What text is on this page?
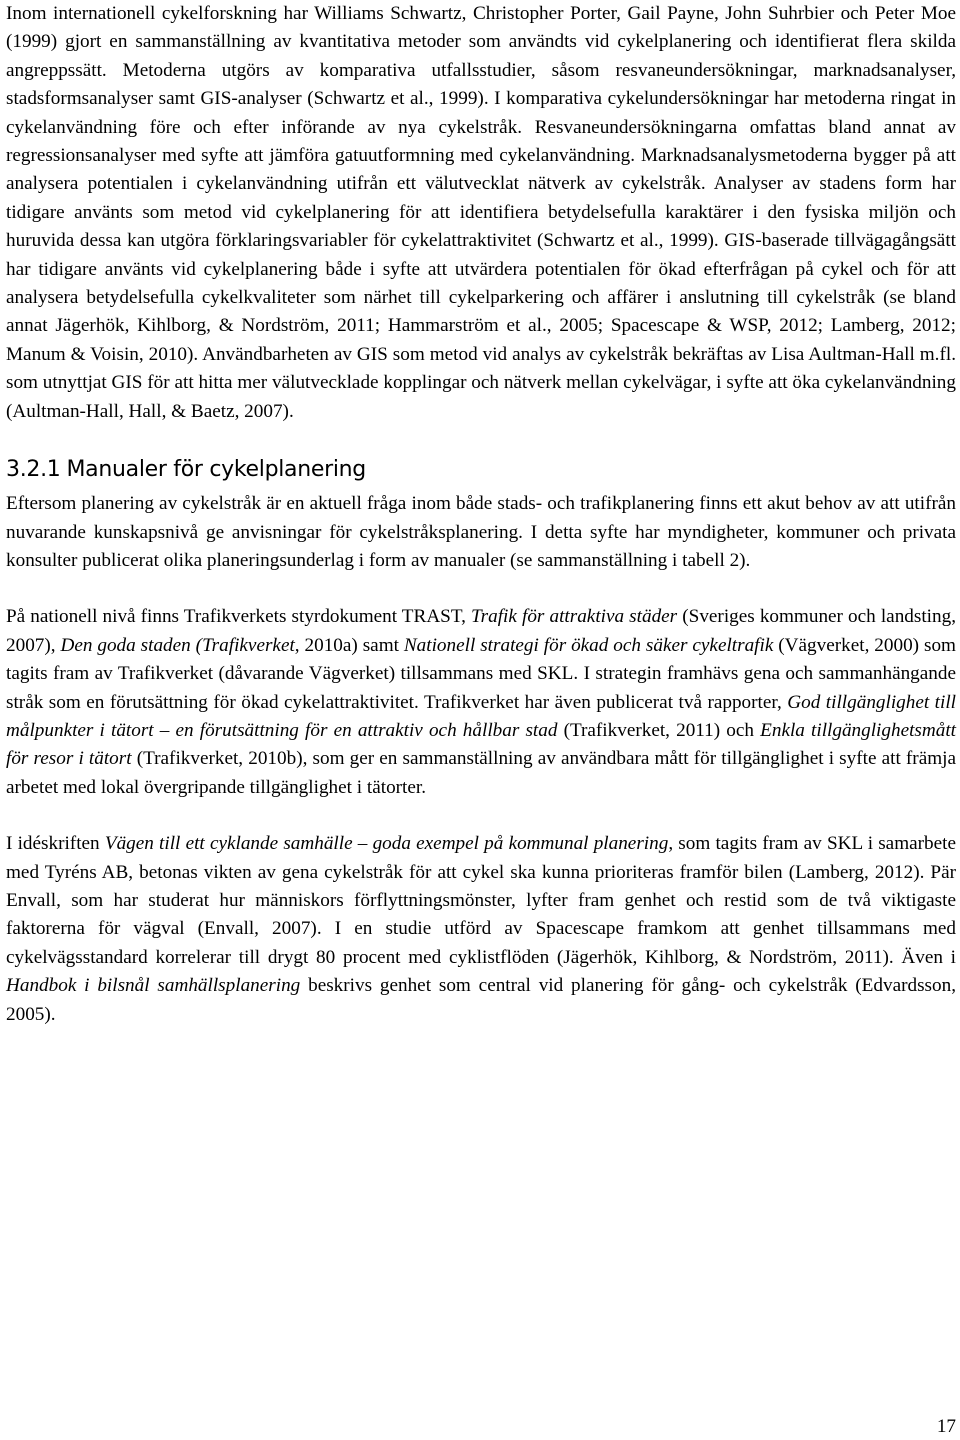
Inom internationell cykelforskning har Williams Schwartz, Christopher Porter, Gail Payne, John Suhrbier och Peter Moe (1999) gjort en sammanställning av kvantitativa metoder som användts vid cykelplanering och identifierat flera skilda angreppssätt. Metoderna utgörs av komparativa utfallsstudier, såsom resvaneundersökningar, marknadsanalyser, stadsformsanalyser samt GIS-analyser (Schwartz et al., 1999). I komparativa cykelundersökningar har metoderna ringat in cykelanvändning före och efter införande av nya cykelstråk. Resvaneundersökningarna omfattas bland annat av regressionsanalyser med syfte att jämföra gatuutformning med cykelanvändning. Marknadsanalysmetoderna bygger på att analysera potentialen i cykelanvändning utifrån ett välutvecklat nätverk av cykelstråk. Analyser av stadens form har tidigare använts som metod vid cykelplanering för att identifiera betydelsefulla karaktärer i den fysiska miljön och huruvida dessa kan utgöra förklaringsvariabler för cykelattraktivitet (Schwartz et al., 1999). GIS-baserade tillvägagångsätt har tidigare använts vid cykelplanering både i syfte att utvärdera potentialen för ökad efterfrågan på cykel och för att analysera betydelsefulla cykelkvaliteter som närhet till cykelparkering och affärer i anslutning till cykelstråk (se bland annat Jägerhök, Kihlborg, & Nordström, 2011; Hammarström et al., 2005; Spacescape & WSP, 2012; Lamberg, 2012; Manum & Voisin, 2010). Användbarheten av GIS som metod vid analys av cykelstråk bekräftas av Lisa Aultman-Hall m.fl. som utnyttjat GIS för att hitta mer välutvecklade kopplingar och nätverk mellan cykelvägar, i syfte att öka cykelanvändning (Aultman-Hall, Hall, & Baetz, 2007).

3.2.1 Manualer för cykelplanering

Eftersom planering av cykelstråk är en aktuell fråga inom både stads- och trafikplanering finns ett akut behov av att utifrån nuvarande kunskapsnivå ge anvisningar för cykelstråksplanering. I detta syfte har myndigheter, kommuner och privata konsulter publicerat olika planeringsunderlag i form av manualer (se sammanställning i tabell 2).

På nationell nivå finns Trafikverkets styrdokument TRAST, Trafik för attraktiva städer (Sveriges kommuner och landsting, 2007), Den goda staden (Trafikverket, 2010a) samt Nationell strategi för ökad och säker cykeltrafik (Vägverket, 2000) som tagits fram av Trafikverket (dåvarande Vägverket) tillsammans med SKL. I strategin framhävs gena och sammanhängande stråk som en förutsättning för ökad cykelattraktivitet. Trafikverket har även publicerat två rapporter, God tillgänglighet till målpunkter i tätort – en förutsättning för en attraktiv och hållbar stad (Trafikverket, 2011) och Enkla tillgänglighetsmått för resor i tätort (Trafikverket, 2010b), som ger en sammanställning av användbara mått för tillgänglighet i syfte att främja arbetet med lokal övergripande tillgänglighet i tätorter.

I idéskriften Vägen till ett cyklande samhälle – goda exempel på kommunal planering, som tagits fram av SKL i samarbete med Tyréns AB, betonas vikten av gena cykelstråk för att cykel ska kunna prioriteras framför bilen (Lamberg, 2012). Pär Envall, som har studerat hur människors förflyttningsmönster, lyfter fram genhet och restid som de två viktigaste faktorerna för vägval (Envall, 2007). I en studie utförd av Spacescape framkom att genhet tillsammans med cykelvägsstandard korrelerar till drygt 80 procent med cyklistflöden (Jägerhök, Kihlborg, & Nordström, 2011). Även i Handbok i bilsnål samhällsplanering beskrivs genhet som central vid planering för gång- och cykelstråk (Edvardsson, 2005).

17
